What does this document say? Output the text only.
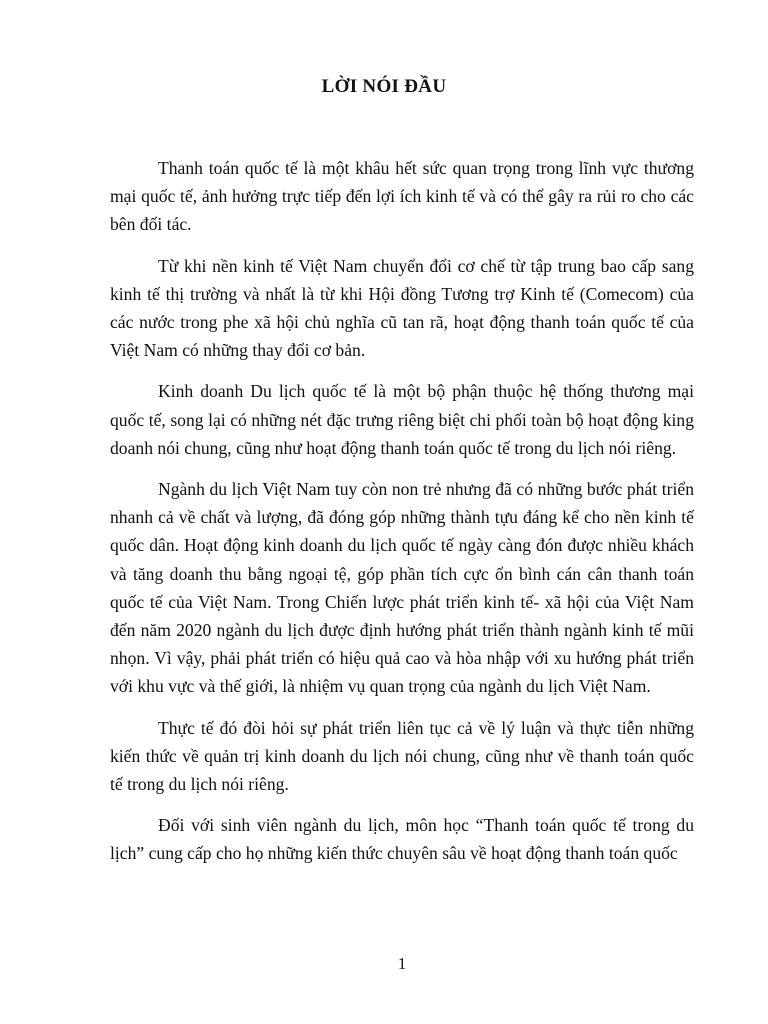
LỜI NÓI ĐẦU

Thanh toán quốc tế là một khâu hết sức quan trọng trong lĩnh vực thương mại quốc tế, ảnh hưởng trực tiếp đến lợi ích kinh tế và có thể gây ra rủi ro cho các bên đối tác.

Từ khi nền kinh tế Việt Nam chuyển đổi cơ chế từ tập trung bao cấp sang kinh tế thị trường và nhất là từ khi Hội đồng Tương trợ Kinh tế (Comecom) của các nước trong phe xã hội chủ nghĩa cũ tan rã, hoạt động thanh toán quốc tế của Việt Nam có những thay đổi cơ bản.

Kinh doanh Du lịch quốc tế là một bộ phận thuộc hệ thống thương mại quốc tế, song lại có những nét đặc trưng riêng biệt chi phối toàn bộ hoạt động king doanh nói chung, cũng như hoạt động thanh toán quốc tế trong du lịch nói riêng.

Ngành du lịch Việt Nam tuy còn non trẻ nhưng đã có những bước phát triển nhanh cả về chất và lượng, đã đóng góp những thành tựu đáng kể cho nền kinh tế quốc dân. Hoạt động kinh doanh du lịch quốc tế ngày càng đón được nhiều khách và tăng doanh thu bằng ngoại tệ, góp phần tích cực ổn bình cán cân thanh toán quốc tế của Việt Nam. Trong Chiến lược phát triển kinh tế- xã hội của Việt Nam đến năm 2020 ngành du lịch được định hướng phát triển thành ngành kinh tế mũi nhọn. Vì vậy, phải phát triển có hiệu quả cao và hòa nhập với xu hướng phát triển với khu vực và thế giới, là nhiệm vụ quan trọng của ngành du lịch Việt Nam.

Thực tế đó đòi hỏi sự phát triển liên tục cả về lý luận và thực tiễn những kiến thức về quản trị kinh doanh du lịch nói chung, cũng như về thanh toán quốc tế trong du lịch nói riêng.

Đối với sinh viên ngành du lịch, môn học “Thanh toán quốc tế trong du lịch” cung cấp cho họ những kiến thức chuyên sâu về hoạt động thanh toán quốc

1
